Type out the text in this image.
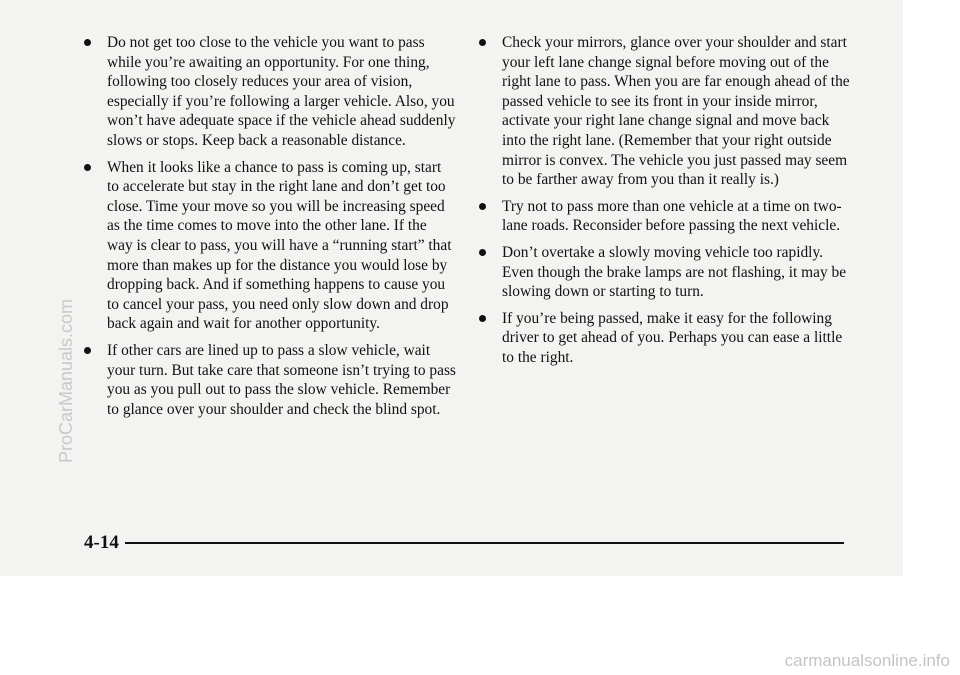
Do not get too close to the vehicle you want to pass while you’re awaiting an opportunity. For one thing, following too closely reduces your area of vision, especially if you’re following a larger vehicle. Also, you won’t have adequate space if the vehicle ahead suddenly slows or stops. Keep back a reasonable distance.
When it looks like a chance to pass is coming up, start to accelerate but stay in the right lane and don’t get too close. Time your move so you will be increasing speed as the time comes to move into the other lane. If the way is clear to pass, you will have a “running start” that more than makes up for the distance you would lose by dropping back. And if something happens to cause you to cancel your pass, you need only slow down and drop back again and wait for another opportunity.
If other cars are lined up to pass a slow vehicle, wait your turn. But take care that someone isn’t trying to pass you as you pull out to pass the slow vehicle. Remember to glance over your shoulder and check the blind spot.
Check your mirrors, glance over your shoulder and start your left lane change signal before moving out of the right lane to pass. When you are far enough ahead of the passed vehicle to see its front in your inside mirror, activate your right lane change signal and move back into the right lane. (Remember that your right outside mirror is convex. The vehicle you just passed may seem to be farther away from you than it really is.)
Try not to pass more than one vehicle at a time on two-lane roads. Reconsider before passing the next vehicle.
Don’t overtake a slowly moving vehicle too rapidly. Even though the brake lamps are not flashing, it may be slowing down or starting to turn.
If you’re being passed, make it easy for the following driver to get ahead of you. Perhaps you can ease a little to the right.
4-14
ProCarManuals.com
carmanualsonline.info
